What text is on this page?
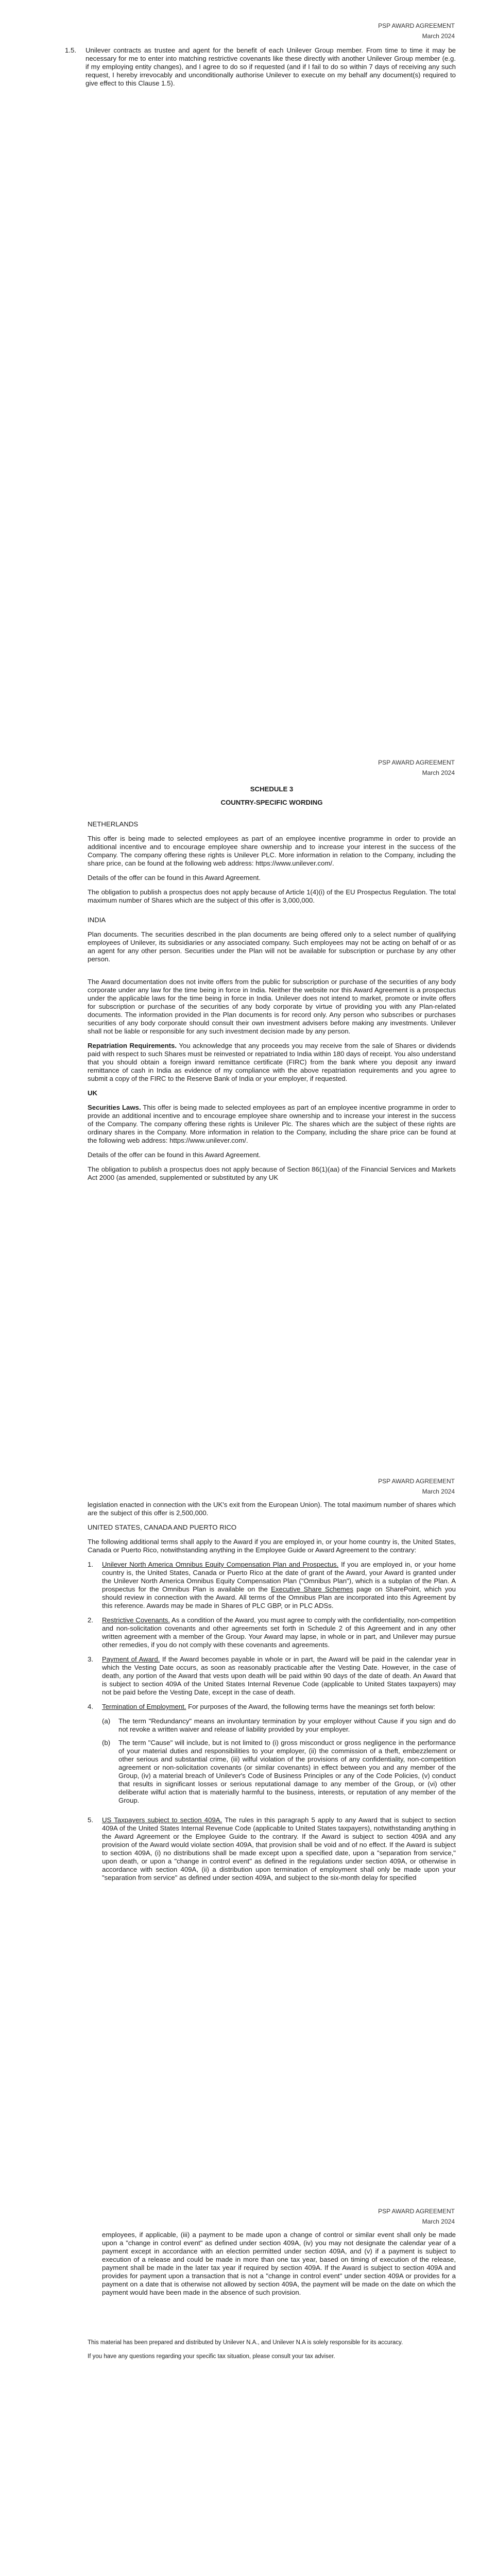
PSP AWARD AGREEMENT
March 2024
1.5.	Unilever contracts as trustee and agent for the benefit of each Unilever Group member. From time to time it may be necessary for me to enter into matching restrictive covenants like these directly with another Unilever Group member (e.g. if my employing entity changes), and I agree to do so if requested (and if I fail to do so within 7 days of receiving any such request, I hereby irrevocably and unconditionally authorise Unilever to execute on my behalf any document(s) required to give effect to this Clause 1.5).
PSP AWARD AGREEMENT
March 2024
SCHEDULE 3
COUNTRY-SPECIFIC WORDING
NETHERLANDS

This offer is being made to selected employees as part of an employee incentive programme in order to provide an additional incentive and to encourage employee share ownership and to increase your interest in the success of the Company. The company offering these rights is Unilever PLC. More information in relation to the Company, including the share price, can be found at the following web address: https://www.unilever.com/.

Details of the offer can be found in this Award Agreement.

The obligation to publish a prospectus does not apply because of Article 1(4)(i) of the EU Prospectus Regulation. The total maximum number of Shares which are the subject of this offer is 3,000,000.

INDIA

Plan documents. The securities described in the plan documents are being offered only to a select number of qualifying employees of Unilever, its subsidiaries or any associated company. Such employees may not be acting on behalf of or as an agent for any other person. Securities under the Plan will not be available for subscription or purchase by any other person.

The Award documentation does not invite offers from the public for subscription or purchase of the securities of any body corporate under any law for the time being in force in India. Neither the website nor this Award Agreement is a prospectus under the applicable laws for the time being in force in India. Unilever does not intend to market, promote or invite offers for subscription or purchase of the securities of any body corporate by virtue of providing you with any Plan-related documents. The information provided in the Plan documents is for record only. Any person who subscribes or purchases securities of any body corporate should consult their own investment advisers before making any investments. Unilever shall not be liable or responsible for any such investment decision made by any person.

Repatriation Requirements. You acknowledge that any proceeds you may receive from the sale of Shares or dividends paid with respect to such Shares must be reinvested or repatriated to India within 180 days of receipt. You also understand that you should obtain a foreign inward remittance certificate (FIRC) from the bank where you deposit any inward remittance of cash in India as evidence of my compliance with the above repatriation requirements and you agree to submit a copy of the FIRC to the Reserve Bank of India or your employer, if requested.

UK

Securities Laws. This offer is being made to selected employees as part of an employee incentive programme in order to provide an additional incentive and to encourage employee share ownership and to increase your interest in the success of the Company. The company offering these rights is Unilever Plc. The shares which are the subject of these rights are ordinary shares in the Company. More information in relation to the Company, including the share price can be found at the following web address: https://www.unilever.com/.

Details of the offer can be found in this Award Agreement.

The obligation to publish a prospectus does not apply because of Section 86(1)(aa) of the Financial Services and Markets Act 2000 (as amended, supplemented or substituted by any UK

PSP AWARD AGREEMENT
March 2024

legislation enacted in connection with the UK's exit from the European Union). The total maximum number of shares which are the subject of this offer is 2,500,000.

UNITED STATES, CANADA AND PUERTO RICO

The following additional terms shall apply to the Award if you are employed in, or your home country is, the United States, Canada or Puerto Rico, notwithstanding anything in the Employee Guide or Award Agreement to the contrary:

1.	Unilever North America Omnibus Equity Compensation Plan and Prospectus. If you are employed in, or your home country is, the United States, Canada or Puerto Rico at the date of grant of the Award, your Award is granted under the Unilever North America Omnibus Equity Compensation Plan ("Omnibus Plan"), which is a subplan of the Plan. A prospectus for the Omnibus Plan is available on the Executive Share Schemes page on SharePoint, which you should review in connection with the Award. All terms of the Omnibus Plan are incorporated into this Agreement by this reference. Awards may be made in Shares of PLC GBP, or in PLC ADSs.
2.	Restrictive Covenants. As a condition of the Award, you must agree to comply with the confidentiality, non-competition and non-solicitation covenants and other agreements set forth in Schedule 2 of this Agreement and in any other written agreement with a member of the Group. Your Award may lapse, in whole or in part, and Unilever may pursue other remedies, if you do not comply with these covenants and agreements.
3.	Payment of Award. If the Award becomes payable in whole or in part, the Award will be paid in the calendar year in which the Vesting Date occurs, as soon as reasonably practicable after the Vesting Date. However, in the case of death, any portion of the Award that vests upon death will be paid within 90 days of the date of death. An Award that is subject to section 409A of the United States Internal Revenue Code (applicable to United States taxpayers) may not be paid before the Vesting Date, except in the case of death.
4.	Termination of Employment. For purposes of the Award, the following terms have the meanings set forth below:
(a)	The term "Redundancy" means an involuntary termination by your employer without Cause if you sign and do not revoke a written waiver and release of liability provided by your employer.
(b)	The term "Cause" will include, but is not limited to (i) gross misconduct or gross negligence in the performance of your material duties and responsibilities to your employer, (ii) the commission of a theft, embezzlement or other serious and substantial crime, (iii) wilful violation of the provisions of any confidentiality, non-competition agreement or non-solicitation covenants (or similar covenants) in effect between you and any member of the Group, (iv) a material breach of Unilever's Code of Business Principles or any of the Code Policies, (v) conduct that results in significant losses or serious reputational damage to any member of the Group, or (vi) other deliberate wilful action that is materially harmful to the business, interests, or reputation of any member of the Group.
5.	US Taxpayers subject to section 409A. The rules in this paragraph 5 apply to any Award that is subject to section 409A of the United States Internal Revenue Code (applicable to United States taxpayers), notwithstanding anything in the Award Agreement or the Employee Guide to the contrary. If the Award is subject to section 409A and any provision of the Award would violate section 409A, that provision shall be void and of no effect. If the Award is subject to section 409A, (i) no distributions shall be made except upon a specified date, upon a "separation from service," upon death, or upon a "change in control event" as defined in the regulations under section 409A, or otherwise in accordance with section 409A, (ii) a distribution upon termination of employment shall only be made upon your "separation from service" as defined under section 409A, and subject to the six-month delay for specified
PSP AWARD AGREEMENT
March 2024

employees, if applicable, (iii) a payment to be made upon a change of control or similar event shall only be made upon a "change in control event" as defined under section 409A, (iv) you may not designate the calendar year of a payment except in accordance with an election permitted under section 409A, and (v) if a payment is subject to execution of a release and could be made in more than one tax year, based on timing of execution of the release, payment shall be made in the later tax year if required by section 409A. If the Award is subject to section 409A and provides for payment upon a transaction that is not a "change in control event" under section 409A or provides for a payment on a date that is otherwise not allowed by section 409A, the payment will be made on the date on which the payment would have been made in the absence of such provision.

This material has been prepared and distributed by Unilever N.A., and Unilever N.A is solely responsible for its accuracy.

If you have any questions regarding your specific tax situation, please consult your tax adviser.
